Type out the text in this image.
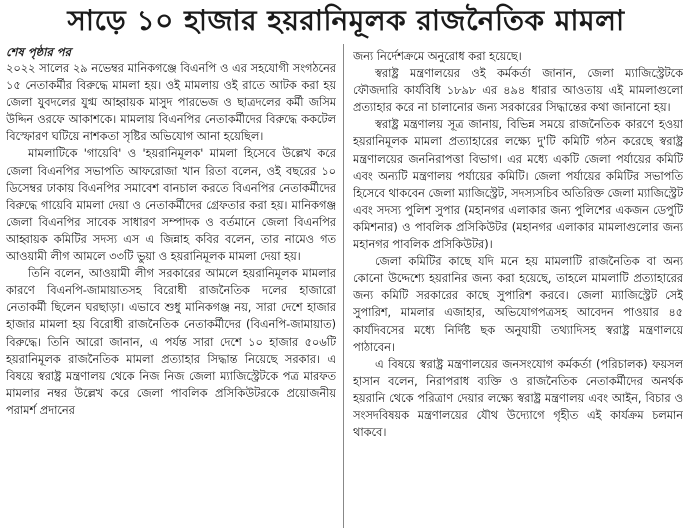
সাড়ে ১০ হাজার হয়রানিমূলক রাজনৈতিক মামলা

শেষ পৃষ্ঠার পর

২০২২ সালের ২৯ নভেম্বর মানিকগঞ্জে বিএনপি ও এর সহযোগী সংগঠনের ১৫ নেতাকর্মীর বিরুদ্ধে মামলা হয়। ওই মামলায় ওই রাতে আটক করা হয় জেলা যুবদলের যুগ্ম আহ্বায়ক মাসুদ পারভেজ ও ছাত্রদলের কর্মী জসিম উদ্দিন ওরফে আকাশকে। মামলায় বিএনপির নেতাকর্মীদের বিরুদ্ধে ককটেল বিস্ফোরণ ঘটিয়ে নাশকতা সৃষ্টির অভিযোগ আনা হয়েছিল।

মামলাটিকে 'গায়েবি' ও 'হয়রানিমূলক' মামলা হিসেবে উল্লেখ করে জেলা বিএনপির সভাপতি আফরোজা খান রিতা বলেন, ওই বছরের ১০ ডিসেম্বর ঢাকায় বিএনপির সমাবেশ বানচাল করতে বিএনপির নেতাকর্মীদের বিরুদ্ধে গায়েবি মামলা দেয়া ও নেতাকর্মীদের গ্রেফতার করা হয়। মানিকগঞ্জ জেলা বিএনপির সাবেক সাধারণ সম্পাদক ও বর্তমানে জেলা বিএনপির আহ্বায়ক কমিটির সদস্য এস এ জিন্নাহ কবির বলেন, তার নামেও গত আওয়ামী লীগ আমলে ৩৩টি ভুয়া ও হয়রানিমূলক মামলা দেয়া হয়।

তিনি বলেন, আওয়ামী লীগ সরকারের আমলে হয়রানিমূলক মামলার কারণে বিএনপি-জামায়াতসহ বিরোধী রাজনৈতিক দলের হাজারো নেতাকর্মী ছিলেন ঘরছাড়া। এভাবে শুধু মানিকগঞ্জ নয়, সারা দেশে হাজার হাজার মামলা হয় বিরোধী রাজনৈতিক নেতাকর্মীদের (বিএনপি-জামায়াত) বিরুদ্ধে। তিনি আরো জানান, এ পর্যন্ত সারা দেশে ১০ হাজার ৫০৬টি হয়রানিমূলক রাজনৈতিক মামলা প্রত্যাহার সিদ্ধান্ত নিয়েছে সরকার। এ বিষয়ে স্বরাষ্ট্র মন্ত্রণালয় থেকে নিজ নিজ জেলা ম্যাজিস্ট্রেটকে পত্র মারফত মামলার নম্বর উল্লেখ করে জেলা পাবলিক প্রসিকিউটরকে প্রয়োজনীয় পরামর্শ প্রদানের

জন্য নির্দেশক্রমে অনুরোধ করা হয়েছে।

স্বরাষ্ট্র মন্ত্রণালয়ের ওই কর্মকর্তা জানান, জেলা ম্যাজিস্ট্রেটকে ফৌজদারি কার্যবিধি ১৮৯৮ এর ৪৯৪ ধারার আওতায় এই মামলাগুলো প্রত্যাহার করে না চালানোর জন্য সরকারের সিদ্ধান্তের কথা জানানো হয়।

স্বরাষ্ট্র মন্ত্রণালয় সূত্র জানায়, বিভিন্ন সময়ে রাজনৈতিক কারণে হওয়া হয়রানিমূলক মামলা প্রত্যাহারের লক্ষ্যে দু'টি কমিটি গঠন করেছে স্বরাষ্ট্র মন্ত্রণালয়ের জননিরাপত্তা বিভাগ। এর মধ্যে একটি জেলা পর্যায়ের কমিটি এবং অন্যটি মন্ত্রণালয় পর্যায়ের কমিটি। জেলা পর্যায়ের কমিটির সভাপতি হিসেবে থাকবেন জেলা ম্যাজিস্ট্রেট, সদস্যসচিব অতিরিক্ত জেলা ম্যাজিস্ট্রেট এবং সদস্য পুলিশ সুপার (মহানগর এলাকার জন্য পুলিশের একজন ডেপুটি কমিশনার) ও পাবলিক প্রসিকিউটর (মহানগর এলাকার মামলাগুলোর জন্য মহানগর পাবলিক প্রসিকিউটর)।

জেলা কমিটির কাছে যদি মনে হয় মামলাটি রাজনৈতিক বা অন্য কোনো উদ্দেশ্যে হয়রানির জন্য করা হয়েছে, তাহলে মামলাটি প্রত্যাহারের জন্য কমিটি সরকারের কাছে সুপারিশ করবে। জেলা ম্যাজিস্ট্রেট সেই সুপারিশ, মামলার এজাহার, অভিযোগপত্রসহ আবেদন পাওয়ার ৪৫ কার্যদিবসের মধ্যে নির্দিষ্ট ছক অনুযায়ী তথ্যাদিসহ স্বরাষ্ট্র মন্ত্রণালয়ে পাঠাবেন।

এ বিষয়ে স্বরাষ্ট্র মন্ত্রণালয়ের জনসংযোগ কর্মকর্তা (পরিচালক) ফয়সল হাসান বলেন, নিরাপরাধ ব্যক্তি ও রাজনৈতিক নেতাকর্মীদের অনর্থক হয়রানি থেকে পরিত্রাণ দেয়ার লক্ষ্যে স্বরাষ্ট্র মন্ত্রণালয় এবং আইন, বিচার ও সংসদবিষয়ক মন্ত্রণালয়ের যৌথ উদ্যোগে গৃহীত এই কার্যক্রম চলমান থাকবে।
